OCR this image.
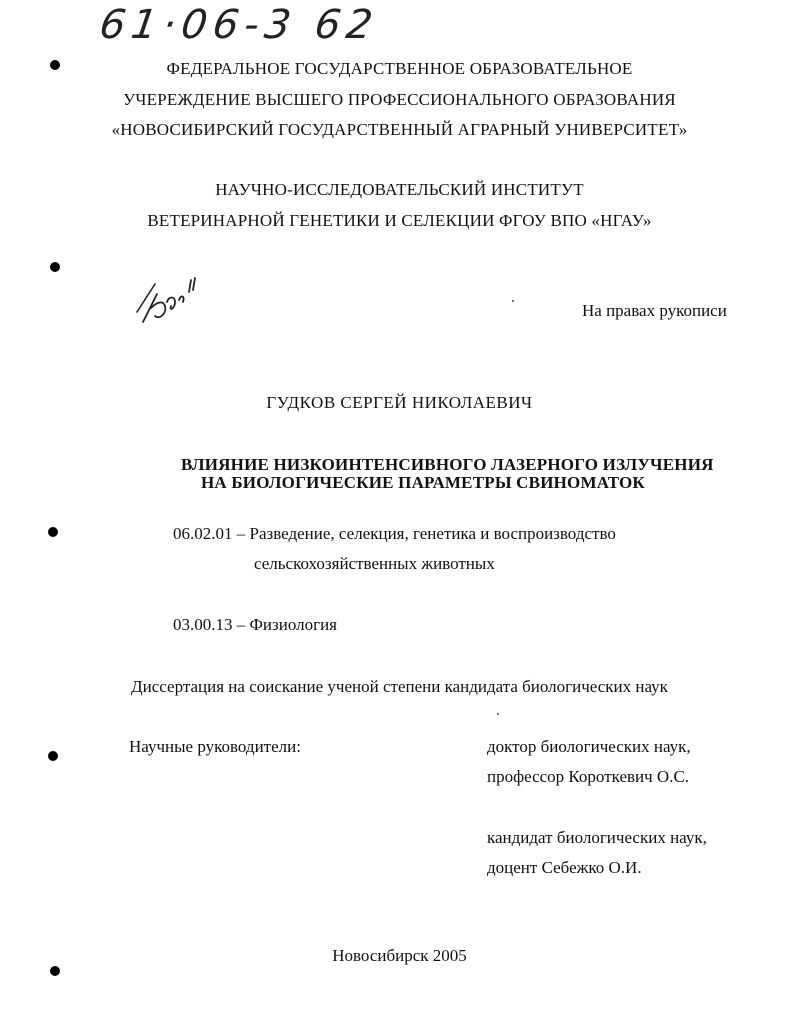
61·06-3 62
ФЕДЕРАЛЬНОЕ ГОСУДАРСТВЕННОЕ ОБРАЗОВАТЕЛЬНОЕ
УЧЕРЕЖДЕНИЕ ВЫСШЕГО ПРОФЕССИОНАЛЬНОГО ОБРАЗОВАНИЯ
«НОВОСИБИРСКИЙ ГОСУДАРСТВЕННЫЙ АГРАРНЫЙ УНИВЕРСИТЕТ»
НАУЧНО-ИССЛЕДОВАТЕЛЬСКИЙ ИНСТИТУТ
ВЕТЕРИНАРНОЙ ГЕНЕТИКИ И СЕЛЕКЦИИ ФГОУ ВПО «НГАУ»
На правах рукописи
ГУДКОВ СЕРГЕЙ НИКОЛАЕВИЧ
ВЛИЯНИЕ НИЗКОИНТЕНСИВНОГО ЛАЗЕРНОГО ИЗЛУЧЕНИЯ
НА БИОЛОГИЧЕСКИЕ ПАРАМЕТРЫ СВИНОМАТОК
06.02.01 – Разведение, селекция, генетика и воспроизводство
сельскохозяйственных животных
03.00.13 – Физиология
Диссертация на соискание ученой степени кандидата биологических наук
Научные руководители:	доктор биологических наук,
профессор Короткевич О.С.
кандидат биологических наук,
доцент Себежко О.И.
Новосибирск 2005
